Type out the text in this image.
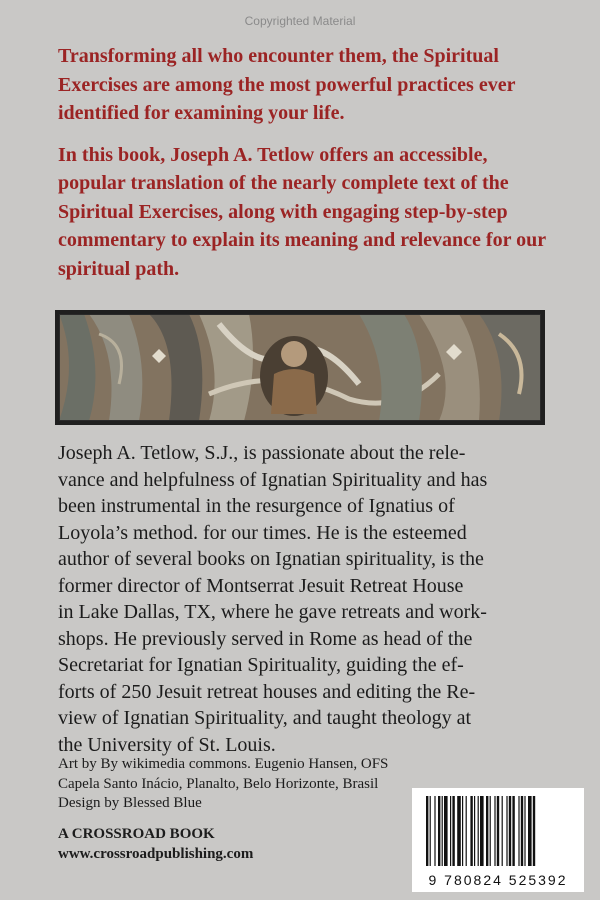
Copyrighted Material

Transforming all who encounter them, the Spiritual Exercises are among the most powerful practices ever identified for examining your life.

In this book, Joseph A. Tetlow offers an accessible, popular translation of the nearly complete text of the Spiritual Exercises, along with engaging step-by-step commentary to explain its meaning and relevance for our spiritual path.

Joseph A. Tetlow, S.J., is passionate about the rele-

vance and helpfulness of Ignatian Spirituality and has

been instrumental in the resurgence of Ignatius of

Loyola’s method. for our times. He is the esteemed

author of several books on Ignatian spirituality, is the

former director of Montserrat Jesuit Retreat House

in Lake Dallas, TX, where he gave retreats and work-

shops. He previously served in Rome as head of the

Secretariat for Ignatian Spirituality, guiding the ef-

forts of 250 Jesuit retreat houses and editing the Re-

view of Ignatian Spirituality, and taught theology at

the University of St. Louis.

Art by By wikimedia commons. Eugenio Hansen, OFS
Capela Santo Inácio, Planalto, Belo Horizonte, Brasil
Design by Blessed Blue
A CROSSROAD BOOK
www.crossroadpublishing.com
9 780824 525392
